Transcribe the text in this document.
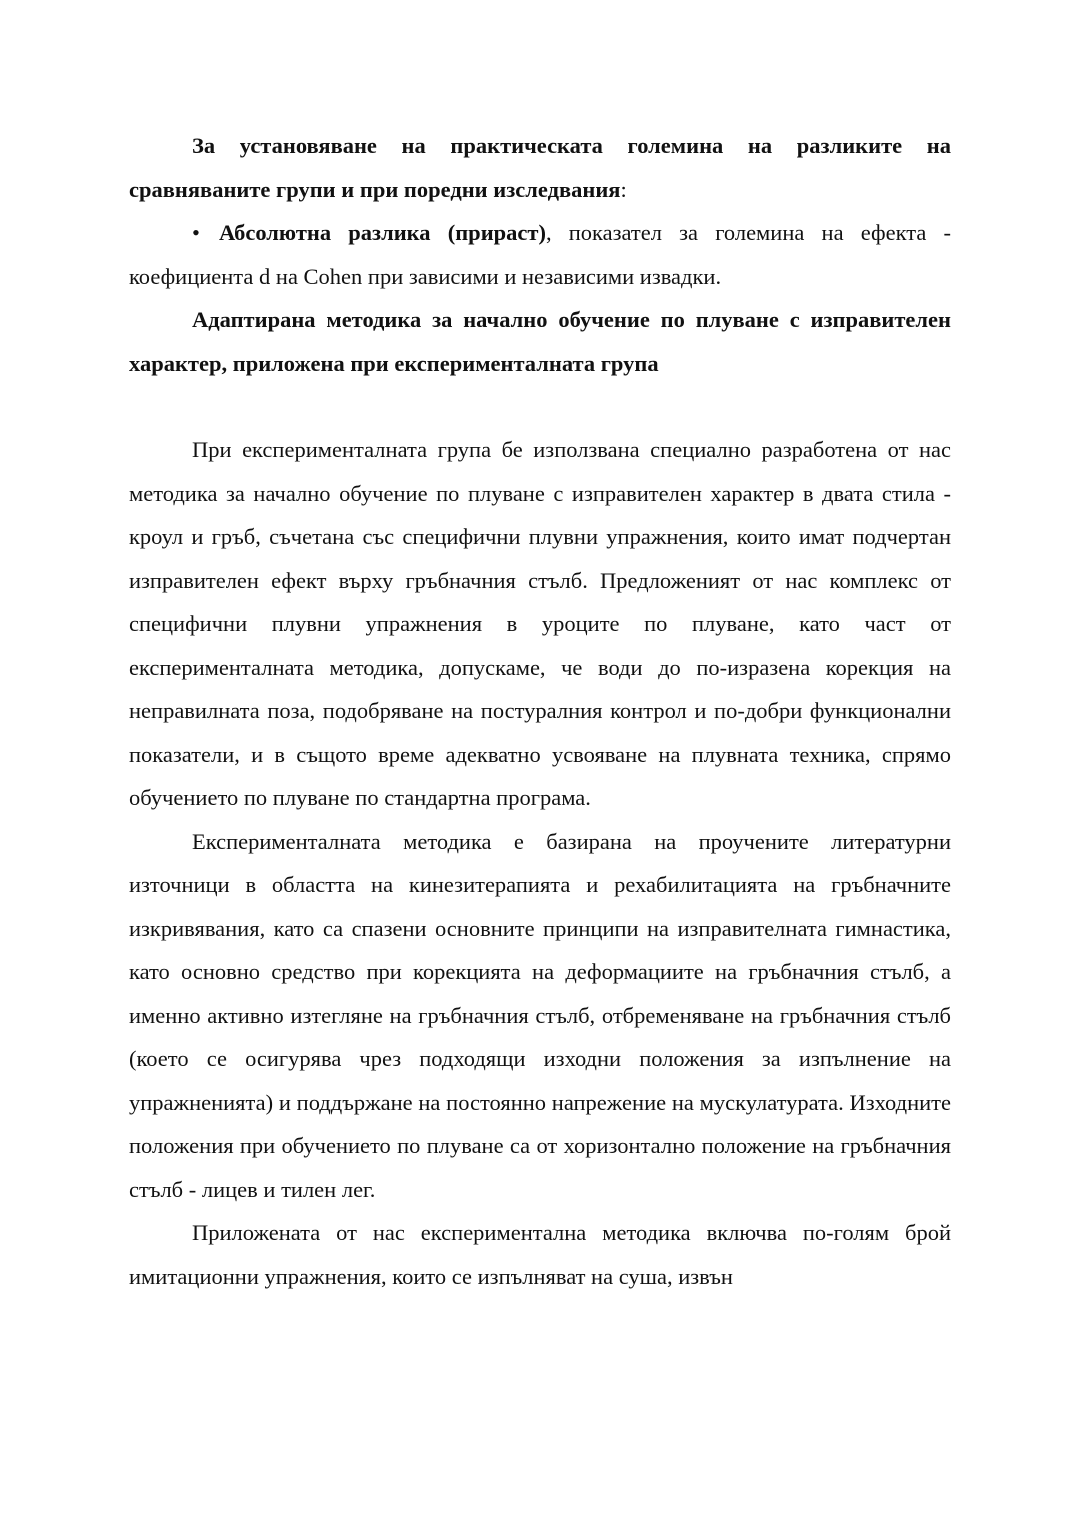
За установяване на практическата големина на разликите на сравняваните групи и при поредни изследвания:

• Абсолютна разлика (прираст), показател за големина на ефекта - коефициента d на Cohen при зависими и независими извадки.

Адаптирана методика за начално обучение по плуване с изправителен характер, приложена при експерименталната група

При експерименталната група бе използвана специално разработена от нас методика за начално обучение по плуване с изправителен характер в двата стила - кроул и гръб, съчетана със специфични плувни упражнения, които имат подчертан изправителен ефект върху гръбначния стълб. Предложеният от нас комплекс от специфични плувни упражнения в уроците по плуване, като част от експерименталната методика, допускаме, че води до по-изразена корекция на неправилната поза, подобряване на постуралния контрол и по-добри функционални показатели, и в същото време адекватно усвояване на плувната техника, спрямо обучението по плуване по стандартна програма.

Експерименталната методика е базирана на проучените литературни източници в областта на кинезитерапията и рехабилитацията на гръбначните изкривявания, като са спазени основните принципи на изправителната гимнастика, като основно средство при корекцията на деформациите на гръбначния стълб, а именно активно изтегляне на гръбначния стълб, отбременяване на гръбначния стълб (което се осигурява чрез подходящи изходни положения за изпълнение на упражненията) и поддържане на постоянно напрежение на мускулатурата. Изходните положения при обучението по плуване са от хоризонтално положение на гръбначния стълб - лицев и тилен лег.

Приложената от нас експериментална методика включва по-голям брой имитационни упражнения, които се изпълняват на суша, извън
